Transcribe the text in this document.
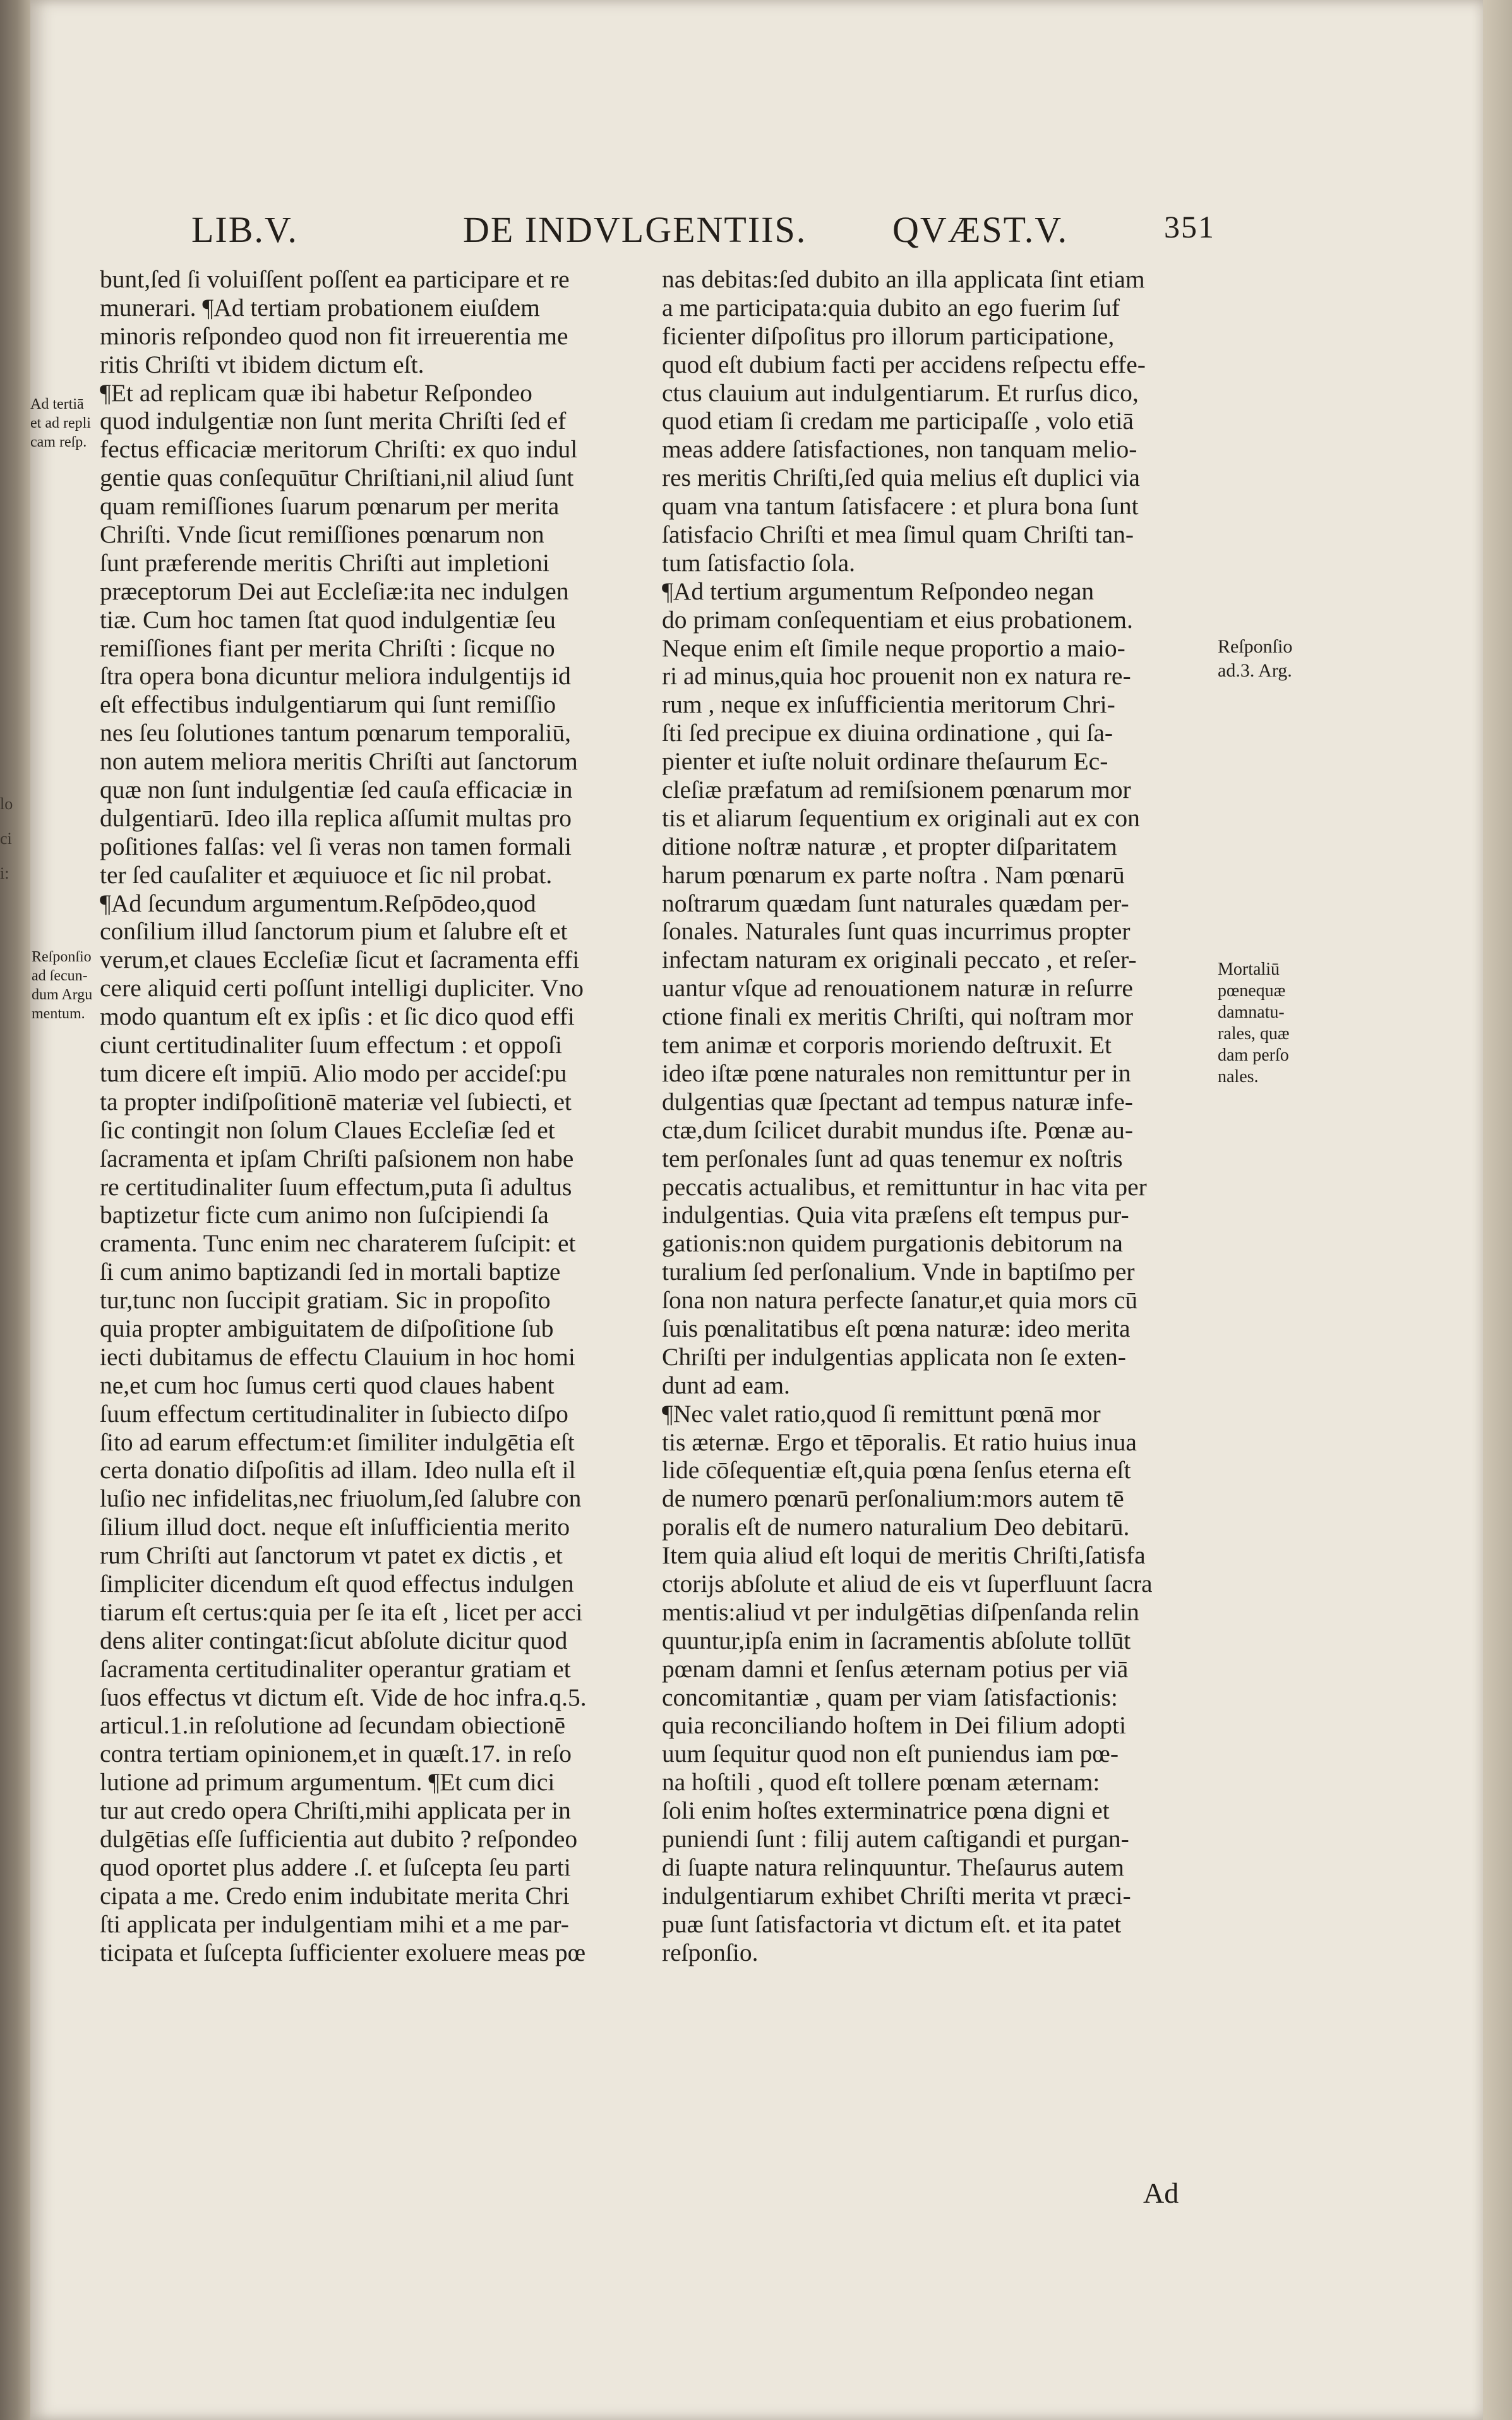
LIB.V.	DE INDVLGENTIIS. QVÆST.V.	351
bunt,ſed ſi voluiſſent poſſent ea participare et re
munerari. ¶Ad tertiam probationem eiuſdem
minoris reſpondeo quod non fit irreuerentia me
ritis Chriſti vt ibidem dictum eſt.
¶Et ad replicam quæ ibi habetur Reſpondeo
quod indulgentiæ non ſunt merita Chriſti ſed ef
fectus efficaciæ meritorum Chriſti: ex quo indul
gentie quas conſequūtur Chriſtiani,nil aliud ſunt
quam remiſſiones ſuarum pœnarum per merita
Chriſti. Vnde ſicut remiſſiones pœnarum non
ſunt præferende meritis Chriſti aut impletioni
præceptorum Dei aut Eccleſiæ:ita nec indulgen
tiæ. Cum hoc tamen ſtat quod indulgentiæ ſeu
remiſſiones fiant per merita Chriſti : ſicque no
ſtra opera bona dicuntur meliora indulgentijs id
eſt effectibus indulgentiarum qui ſunt remiſſio
nes ſeu ſolutiones tantum pœnarum temporaliū,
non autem meliora meritis Chriſti aut ſanctorum
quæ non ſunt indulgentiæ ſed cauſa efficaciæ in
dulgentiarū. Ideo illa replica aſſumit multas pro
poſitiones falſas: vel ſi veras non tamen formali
ter ſed cauſaliter et æquiuoce et ſic nil probat.
¶Ad ſecundum argumentum.Reſpōdeo,quod
conſilium illud ſanctorum pium et ſalubre eſt et
verum,et claues Eccleſiæ ſicut et ſacramenta effi
cere aliquid certi poſſunt intelligi dupliciter. Vno
modo quantum eſt ex ipſis : et ſic dico quod effi
ciunt certitudinaliter ſuum effectum : et oppoſi
tum dicere eſt impiū. Alio modo per accideſ:pu
ta propter indiſpoſitionē materiæ vel ſubiecti, et
ſic contingit non ſolum Claues Eccleſiæ ſed et
ſacramenta et ipſam Chriſti paſsionem non habe
re certitudinaliter ſuum effectum,puta ſi adultus
baptizetur ficte cum animo non ſuſcipiendi ſa
cramenta. Tunc enim nec charaterem ſuſcipit: et
ſi cum animo baptizandi ſed in mortali baptize
tur,tunc non ſuccipit gratiam. Sic in propoſito
quia propter ambiguitatem de diſpoſitione ſub
iecti dubitamus de effectu Clauium in hoc homi
ne,et cum hoc ſumus certi quod claues habent
ſuum effectum certitudinaliter in ſubiecto diſpo
ſito ad earum effectum:et ſimiliter indulgētia eſt
certa donatio diſpoſitis ad illam. Ideo nulla eſt il
luſio nec infidelitas,nec friuolum,ſed ſalubre con
ſilium illud doct. neque eſt inſufficientia merito
rum Chriſti aut ſanctorum vt patet ex dictis , et
ſimpliciter dicendum eſt quod effectus indulgen
tiarum eſt certus:quia per ſe ita eſt , licet per acci
dens aliter contingat:ſicut abſolute dicitur quod
ſacramenta certitudinaliter operantur gratiam et
ſuos effectus vt dictum eſt. Vide de hoc infra.q.5.
articul.1.in reſolutione ad ſecundam obiectionē
contra tertiam opinionem,et in quæſt.17. in reſo
lutione ad primum argumentum. ¶Et cum dici
tur aut credo opera Chriſti,mihi applicata per in
dulgētias eſſe ſufficientia aut dubito ? reſpondeo
quod oportet plus addere .ſ. et ſuſcepta ſeu parti
cipata a me. Credo enim indubitate merita Chri
ſti applicata per indulgentiam mihi et a me par-
ticipata et ſuſcepta ſufficienter exoluere meas pœ
nas debitas:ſed dubito an illa applicata ſint etiam
a me participata:quia dubito an ego fuerim ſuf
ficienter diſpoſitus pro illorum participatione,
quod eſt dubium facti per accidens reſpectu effe-
ctus clauium aut indulgentiarum. Et rurſus dico,
quod etiam ſi credam me participaſſe , volo etiā
meas addere ſatisfactiones, non tanquam melio-
res meritis Chriſti,ſed quia melius eſt duplici via
quam vna tantum ſatisfacere : et plura bona ſunt
ſatisfacio Chriſti et mea ſimul quam Chriſti tan-
tum ſatisfactio ſola.
¶Ad tertium argumentum Reſpondeo negan
do primam conſequentiam et eius probationem.
Neque enim eſt ſimile neque proportio a maio-
ri ad minus,quia hoc prouenit non ex natura re-
rum , neque ex inſufficientia meritorum Chri-
ſti ſed precipue ex diuina ordinatione , qui ſa-
pienter et iuſte noluit ordinare theſaurum Ec-
cleſiæ præfatum ad remiſsionem pœnarum mor
tis et aliarum ſequentium ex originali aut ex con
ditione noſtræ naturæ , et propter diſparitatem
harum pœnarum ex parte noſtra . Nam pœnarū
noſtrarum quædam ſunt naturales quædam per-
ſonales. Naturales ſunt quas incurrimus propter
infectam naturam ex originali peccato , et reſer-
uantur vſque ad renouationem naturæ in reſurre
ctione finali ex meritis Chriſti, qui noſtram mor
tem animæ et corporis moriendo deſtruxit. Et
ideo iſtæ pœne naturales non remittuntur per in
dulgentias quæ ſpectant ad tempus naturæ infe-
ctæ,dum ſcilicet durabit mundus iſte. Pœnæ au-
tem perſonales ſunt ad quas tenemur ex noſtris
peccatis actualibus, et remittuntur in hac vita per
indulgentias. Quia vita præſens eſt tempus pur-
gationis:non quidem purgationis debitorum na
turalium ſed perſonalium. Vnde in baptiſmo per
ſona non natura perfecte ſanatur,et quia mors cū
ſuis pœnalitatibus eſt pœna naturæ: ideo merita
Chriſti per indulgentias applicata non ſe exten-
dunt ad eam.
¶Nec valet ratio,quod ſi remittunt pœnā mor
tis æternæ. Ergo et tēporalis. Et ratio huius inua
lide cōſequentiæ eſt,quia pœna ſenſus eterna eſt
de numero pœnarū perſonalium:mors autem tē
poralis eſt de numero naturalium Deo debitarū.
Item quia aliud eſt loqui de meritis Chriſti,ſatisfa
ctorijs abſolute et aliud de eis vt ſuperfluunt ſacra
mentis:aliud vt per indulgētias diſpenſanda relin
quuntur,ipſa enim in ſacramentis abſolute tollūt
pœnam damni et ſenſus æternam potius per viā
concomitantiæ , quam per viam ſatisfactionis:
quia reconciliando hoſtem in Dei filium adopti
uum ſequitur quod non eſt puniendus iam pœ-
na hoſtili , quod eſt tollere pœnam æternam:
ſoli enim hoſtes exterminatrice pœna digni et
puniendi ſunt : filij autem caſtigandi et purgan-
di ſuapte natura relinquuntur. Theſaurus autem
indulgentiarum exhibet Chriſti merita vt præci-
puæ ſunt ſatisfactoria vt dictum eſt. et ita patet
reſponſio.
Ad tertiā
et ad repli
cam reſp.
Reſponſio
ad ſecun-
dum Argu
mentum.
Reſponſio
ad.3. Arg.
Mortaliū
pœnequæ
damnatu-
rales, quæ
dam perſo
nales.
Ad
lo
ci
i:
